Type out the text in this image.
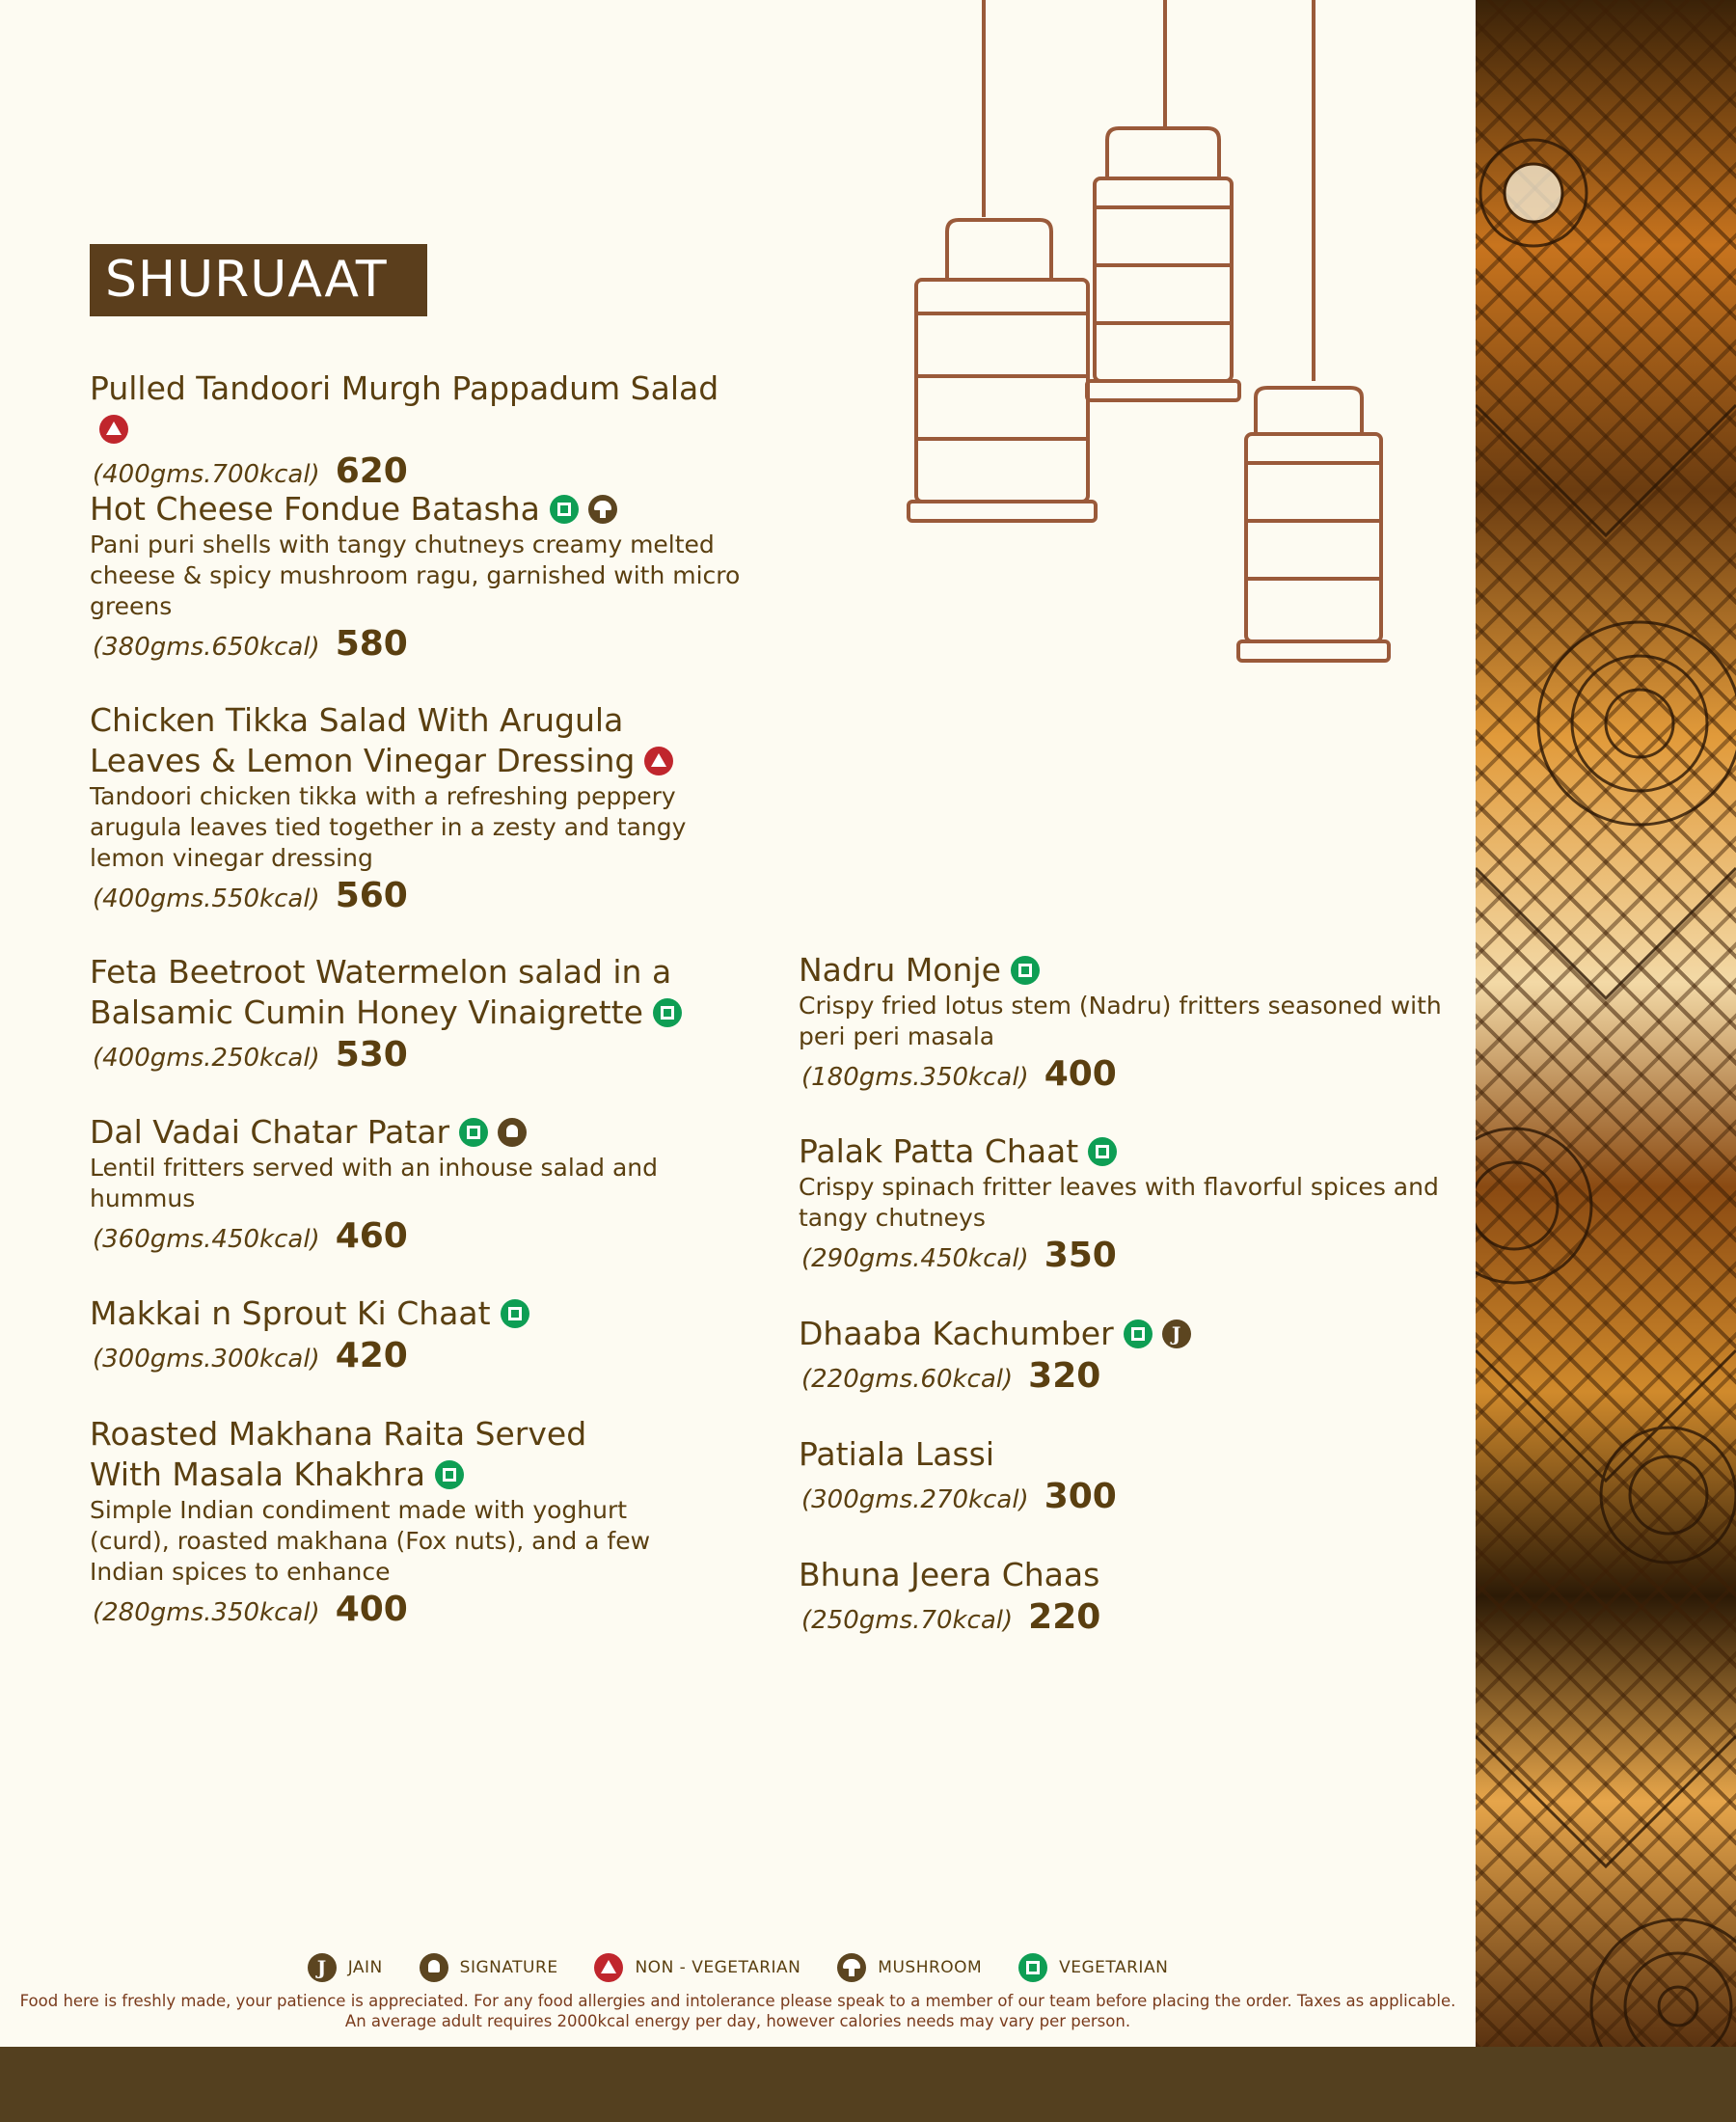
SHURUAAT

Pulled Tandoori Murgh Pappadum Salad

(400gms.700kcal) 620

Hot Cheese Fondue Batasha

Pani puri shells with tangy chutneys creamy melted cheese & spicy mushroom ragu, garnished with micro greens

(380gms.650kcal) 580

Chicken Tikka Salad With Arugula Leaves & Lemon Vinegar Dressing

Tandoori chicken tikka with a refreshing peppery arugula leaves tied together in a zesty and tangy lemon vinegar dressing

(400gms.550kcal) 560

Feta Beetroot Watermelon salad in a Balsamic Cumin Honey Vinaigrette

(400gms.250kcal) 530

Dal Vadai Chatar Patar

Lentil fritters served with an inhouse salad and hummus

(360gms.450kcal) 460

Makkai n Sprout Ki Chaat

(300gms.300kcal) 420

Roasted Makhana Raita Served With Masala Khakhra

Simple Indian condiment made with yoghurt (curd), roasted makhana (Fox nuts), and a few Indian spices to enhance

(280gms.350kcal) 400

Nadru Monje

Crispy fried lotus stem (Nadru) fritters seasoned with peri peri masala

(180gms.350kcal) 400

Palak Patta Chaat

Crispy spinach fritter leaves with flavorful spices and tangy chutneys

(290gms.450kcal) 350

Dhaaba Kachumber	J

(220gms.60kcal) 320

Patiala Lassi

(300gms.270kcal) 300

Bhuna Jeera Chaas

(250gms.70kcal) 220
J	JAIN
	SIGNATURE
	NON - VEGETARIAN
	MUSHROOM
	VEGETARIAN
Food here is freshly made, your patience is appreciated. For any food allergies and intolerance please speak to a member of our team before placing the order. Taxes as applicable.
An average adult requires 2000kcal energy per day, however calories needs may vary per person.
